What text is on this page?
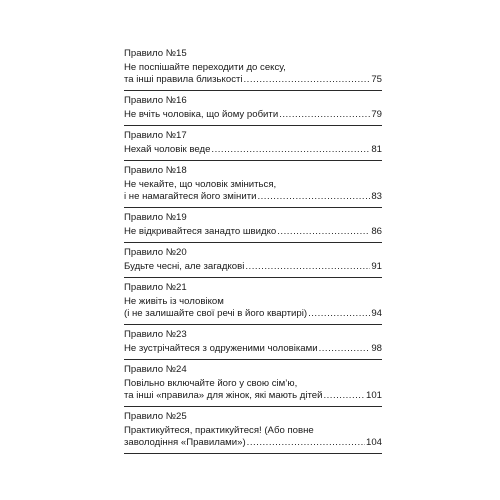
Правило №15
Не поспішайте переходити до сексу,
та інші правила близькості .....	75
Правило №16
Не вчіть чоловіка, що йому робити .....	79
Правило №17
Нехай чоловік веде .....	81
Правило №18
Не чекайте, що чоловік зміниться,
і не намагайтеся його змінити .....	83
Правило №19
Не відкривайтеся занадто швидко .....	86
Правило №20
Будьте чесні, але загадкові .....	91
Правило №21
Не живіть із чоловіком
(і не залишайте свої речі в його квартирі) .....	94
Правило №23
Не зустрічайтеся з одруженими чоловіками .....	98
Правило №24
Повільно включайте його у свою сім’ю,
та інші «правила» для жінок, які мають дітей .....	101
Правило №25
Практикуйтеся, практикуйтеся! (Або повне
заволодіння «Правилами») .....	104
